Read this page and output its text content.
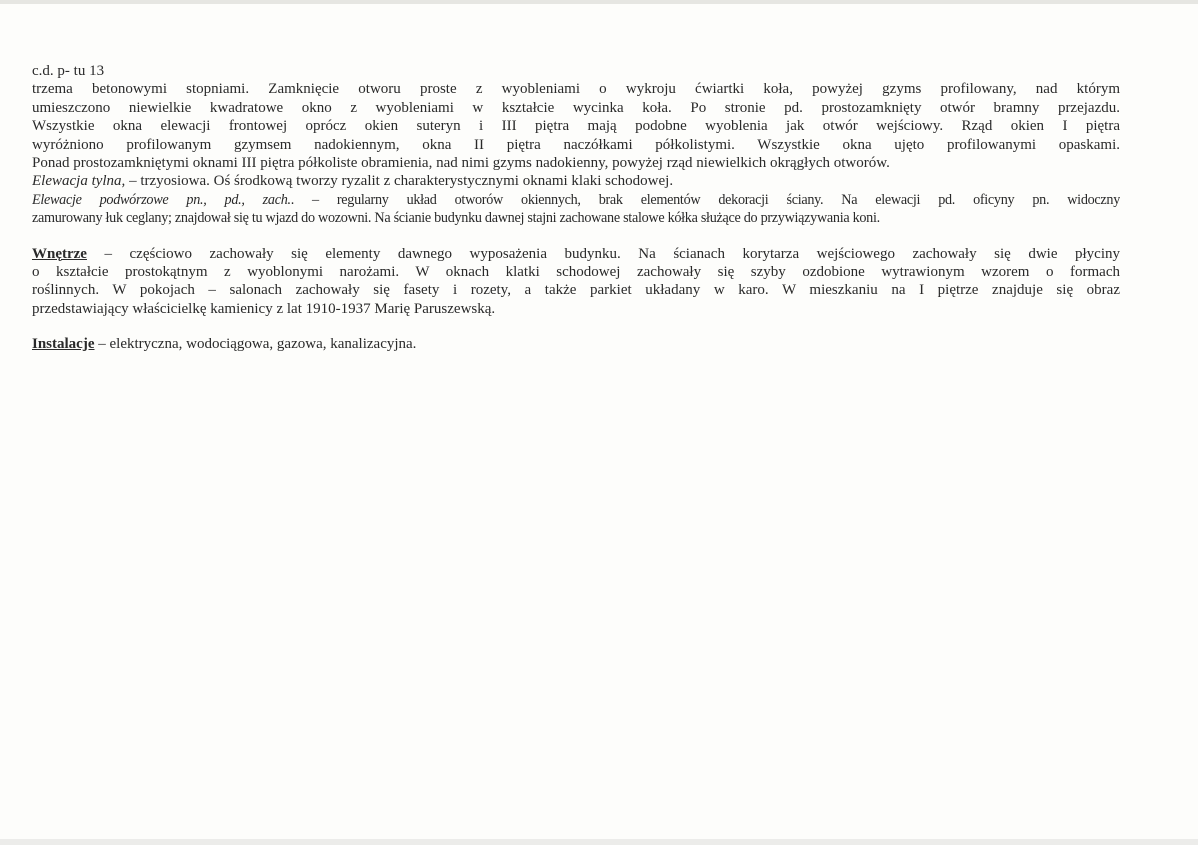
c.d. p- tu 13
trzema betonowymi stopniami. Zamknięcie otworu proste z wyobleniami o wykroju ćwiartki koła, powyżej gzyms profilowany, nad którym
umieszczono niewielkie kwadratowe okno z wyobleniami w kształcie wycinka koła. Po stronie pd. prostozamknięty otwór bramny przejazdu.
Wszystkie okna elewacji frontowej oprócz okien suteryn i III piętra mają podobne wyoblenia jak otwór wejściowy. Rząd okien I piętra
wyróżniono profilowanym gzymsem nadokiennym, okna II piętra naczółkami półkolistymi. Wszystkie okna ujęto profilowanymi opaskami.
Ponad prostozamkniętymi oknami III piętra półkoliste obramienia, nad nimi gzyms nadokienny, powyżej rząd niewielkich okrągłych otworów.
Elewacja tylna, – trzyosiowa. Oś środkową tworzy ryzalit z charakterystycznymi oknami klaki schodowej.
Elewacje podwórzowe pn., pd., zach.. – regularny układ otworów okiennych, brak elementów dekoracji ściany. Na elewacji pd. oficyny pn. widoczny
zamurowany łuk ceglany; znajdował się tu wjazd do wozowni. Na ścianie budynku dawnej stajni zachowane stalowe kółka służące do przywiązywania koni.
Wnętrze – częściowo zachowały się elementy dawnego wyposażenia budynku. Na ścianach korytarza wejściowego zachowały się dwie płyciny
o kształcie prostokątnym z wyoblonymi narożami. W oknach klatki schodowej zachowały się szyby ozdobione wytrawionym wzorem o formach
roślinnych. W pokojach – salonach zachowały się fasety i rozety, a także parkiet układany w karo. W mieszkaniu na I piętrze znajduje się obraz
przedstawiający właścicielkę kamienicy z lat 1910-1937 Marię Paruszewską.
Instalacje – elektryczna, wodociągowa, gazowa, kanalizacyjna.
